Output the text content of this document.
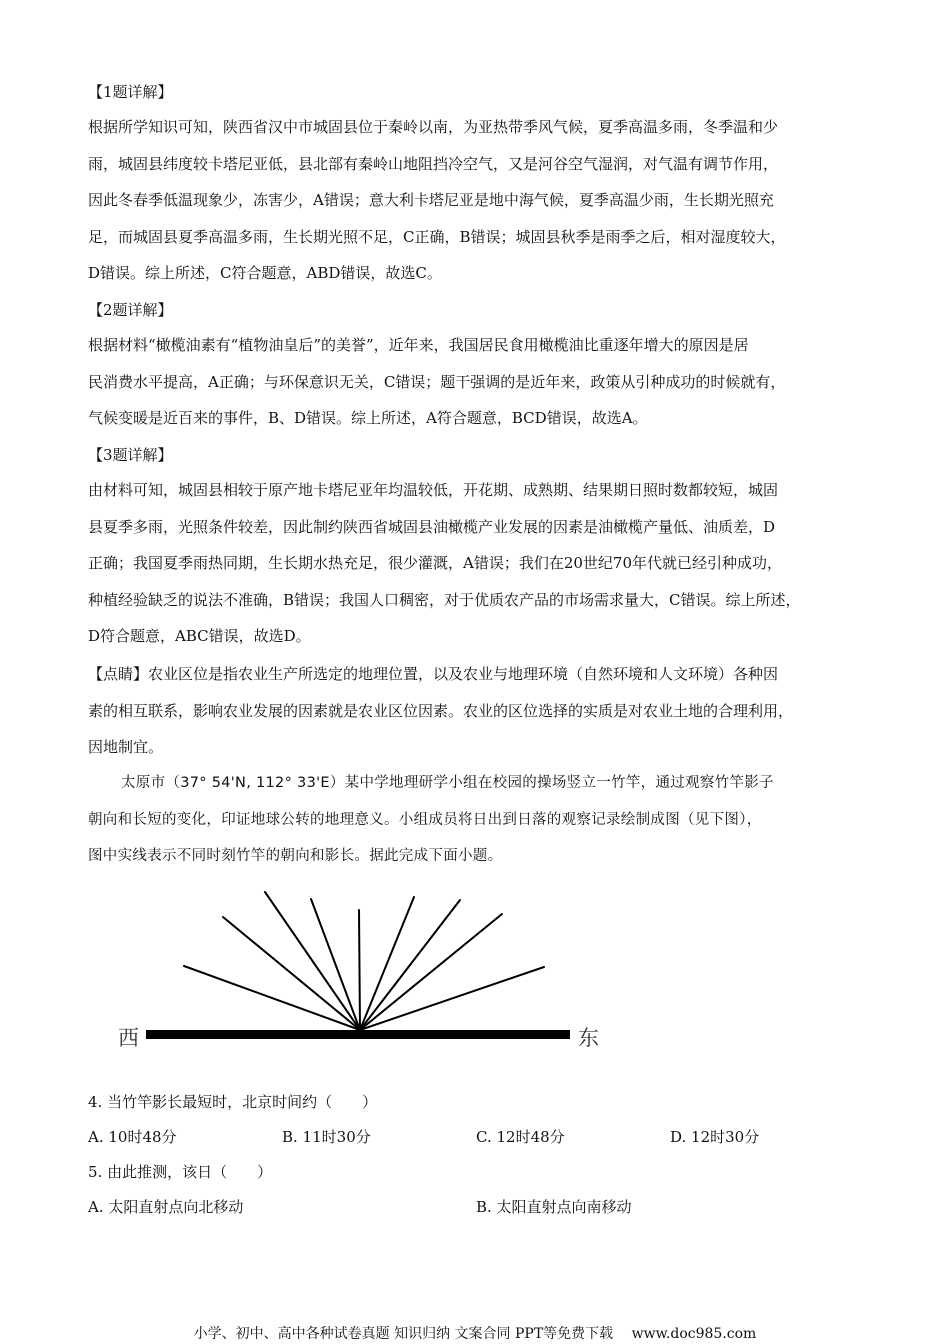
【1题详解】
根据所学知识可知，陕西省汉中市城固县位于秦岭以南，为亚热带季风气候，夏季高温多雨，冬季温和少
雨，城固县纬度较卡塔尼亚低，县北部有秦岭山地阻挡冷空气，又是河谷空气湿润，对气温有调节作用，
因此冬春季低温现象少，冻害少，A错误；意大利卡塔尼亚是地中海气候，夏季高温少雨，生长期光照充
足，而城固县夏季高温多雨，生长期光照不足，C正确，B错误；城固县秋季是雨季之后，相对湿度较大，
D错误。综上所述，C符合题意，ABD错误，故选C。
【2题详解】
根据材料“橄榄油素有“植物油皇后”的美誉”，近年来，我国居民食用橄榄油比重逐年增大的原因是居
民消费水平提高，A正确；与环保意识无关，C错误；题干强调的是近年来，政策从引种成功的时候就有，
气候变暖是近百来的事件，B、D错误。综上所述，A符合题意，BCD错误，故选A。
【3题详解】
由材料可知，城固县相较于原产地卡塔尼亚年均温较低，开花期、成熟期、结果期日照时数都较短，城固
县夏季多雨，光照条件较差，因此制约陕西省城固县油橄榄产业发展的因素是油橄榄产量低、油质差，D
正确；我国夏季雨热同期，生长期水热充足，很少灌溉，A错误；我们在20世纪70年代就已经引种成功，
种植经验缺乏的说法不准确，B错误；我国人口稠密，对于优质农产品的市场需求量大，C错误。综上所述，
D符合题意，ABC错误，故选D。
【点睛】农业区位是指农业生产所选定的地理位置，以及农业与地理环境（自然环境和人文环境）各种因
素的相互联系，影响农业发展的因素就是农业区位因素。农业的区位选择的实质是对农业土地的合理利用，
因地制宜。
太原市（37° 54'N, 112° 33'E）某中学地理研学小组在校园的操场竖立一竹竿，通过观察竹竿影子
朝向和长短的变化，印证地球公转的地理意义。小组成员将日出到日落的观察记录绘制成图（见下图），
图中实线表示不同时刻竹竿的朝向和影长。据此完成下面小题。
西	东
4. 当竹竿影长最短时，北京时间约（　　）
A. 10时48分	B. 11时30分	C. 12时48分	D. 12时30分
5. 由此推测，该日（　　）
A. 太阳直射点向北移动	B. 太阳直射点向南移动
小学、初中、高中各种试卷真题 知识归纳 文案合同 PPT等免费下载 www.doc985.com
